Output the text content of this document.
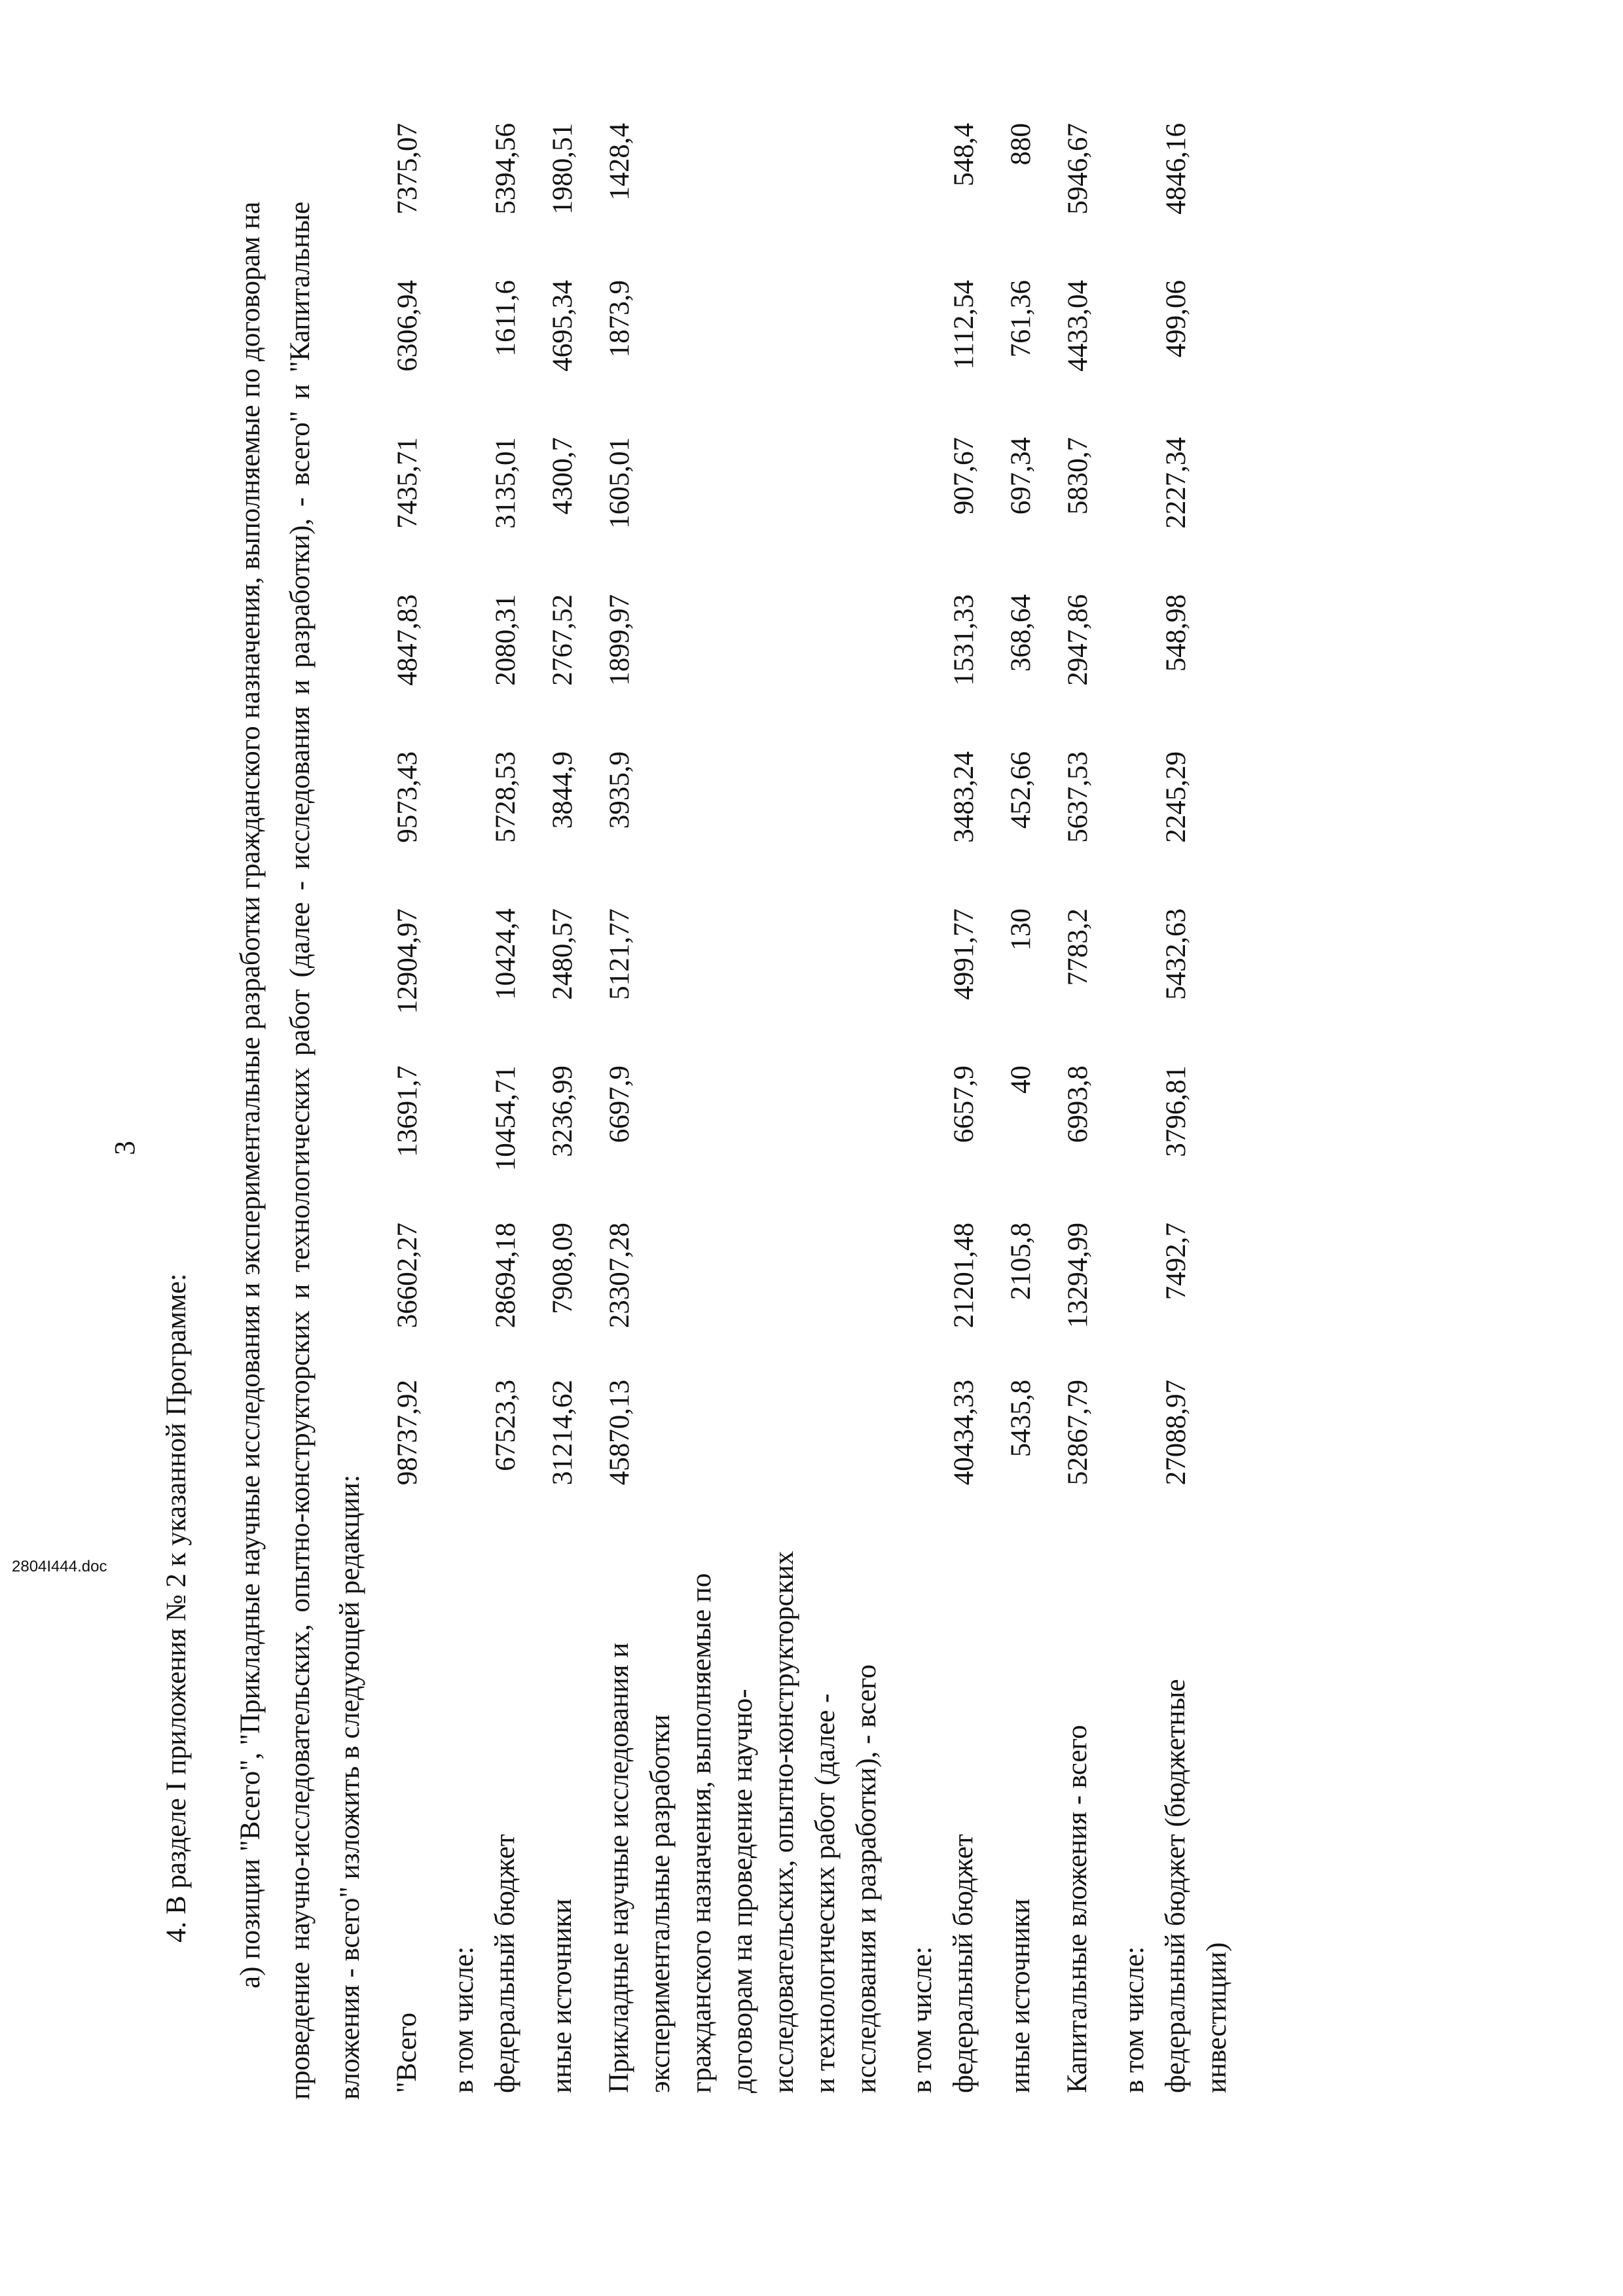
3
4. В разделе I приложения № 2 к указанной Программе:	а) позиции "Всего", "Прикладные научные исследования и экспериментальные разработки гражданского назначения, выполняемые по договорам на проведение научно-исследовательских, опытно-конструкторских и технологических работ (далее - исследования и разработки), - всего" и "Капитальные вложения - всего" изложить в следующей редакции: "Всего	98737,92	36602,27	13691,7	12904,97	9573,43	4847,83	7435,71	6306,94	7375,07
в том числе:									
федеральный бюджет	67523,3	28694,18	10454,71	10424,4	5728,53	2080,31	3135,01	1611,6	5394,56
иные источники	31214,62	7908,09	3236,99	2480,57	3844,9	2767,52	4300,7	4695,34	1980,51
Прикладные научные исследования и экспериментальные разработки гражданского назначения, выполняемые по договорам на проведение научно-исследовательских, опытно-конструкторских и технологических работ (далее - исследования и разработки), - всего	45870,13	23307,28	6697,9	5121,77	3935,9	1899,97	1605,01	1873,9	1428,4
в том числе:									
федеральный бюджет	40434,33	21201,48	6657,9	4991,77	3483,24	1531,33	907,67	1112,54	548,4
иные источники	5435,8	2105,8	40	130	452,66	368,64	697,34	761,36	880
Капитальные вложения - всего	52867,79	13294,99	6993,8	7783,2	5637,53	2947,86	5830,7	4433,04	5946,67
в том числе:									
федеральный бюджет (бюджетные инвестиции)	27088,97	7492,7	3796,81	5432,63	2245,29	548,98	2227,34	499,06	4846,16
2804I444.doc
